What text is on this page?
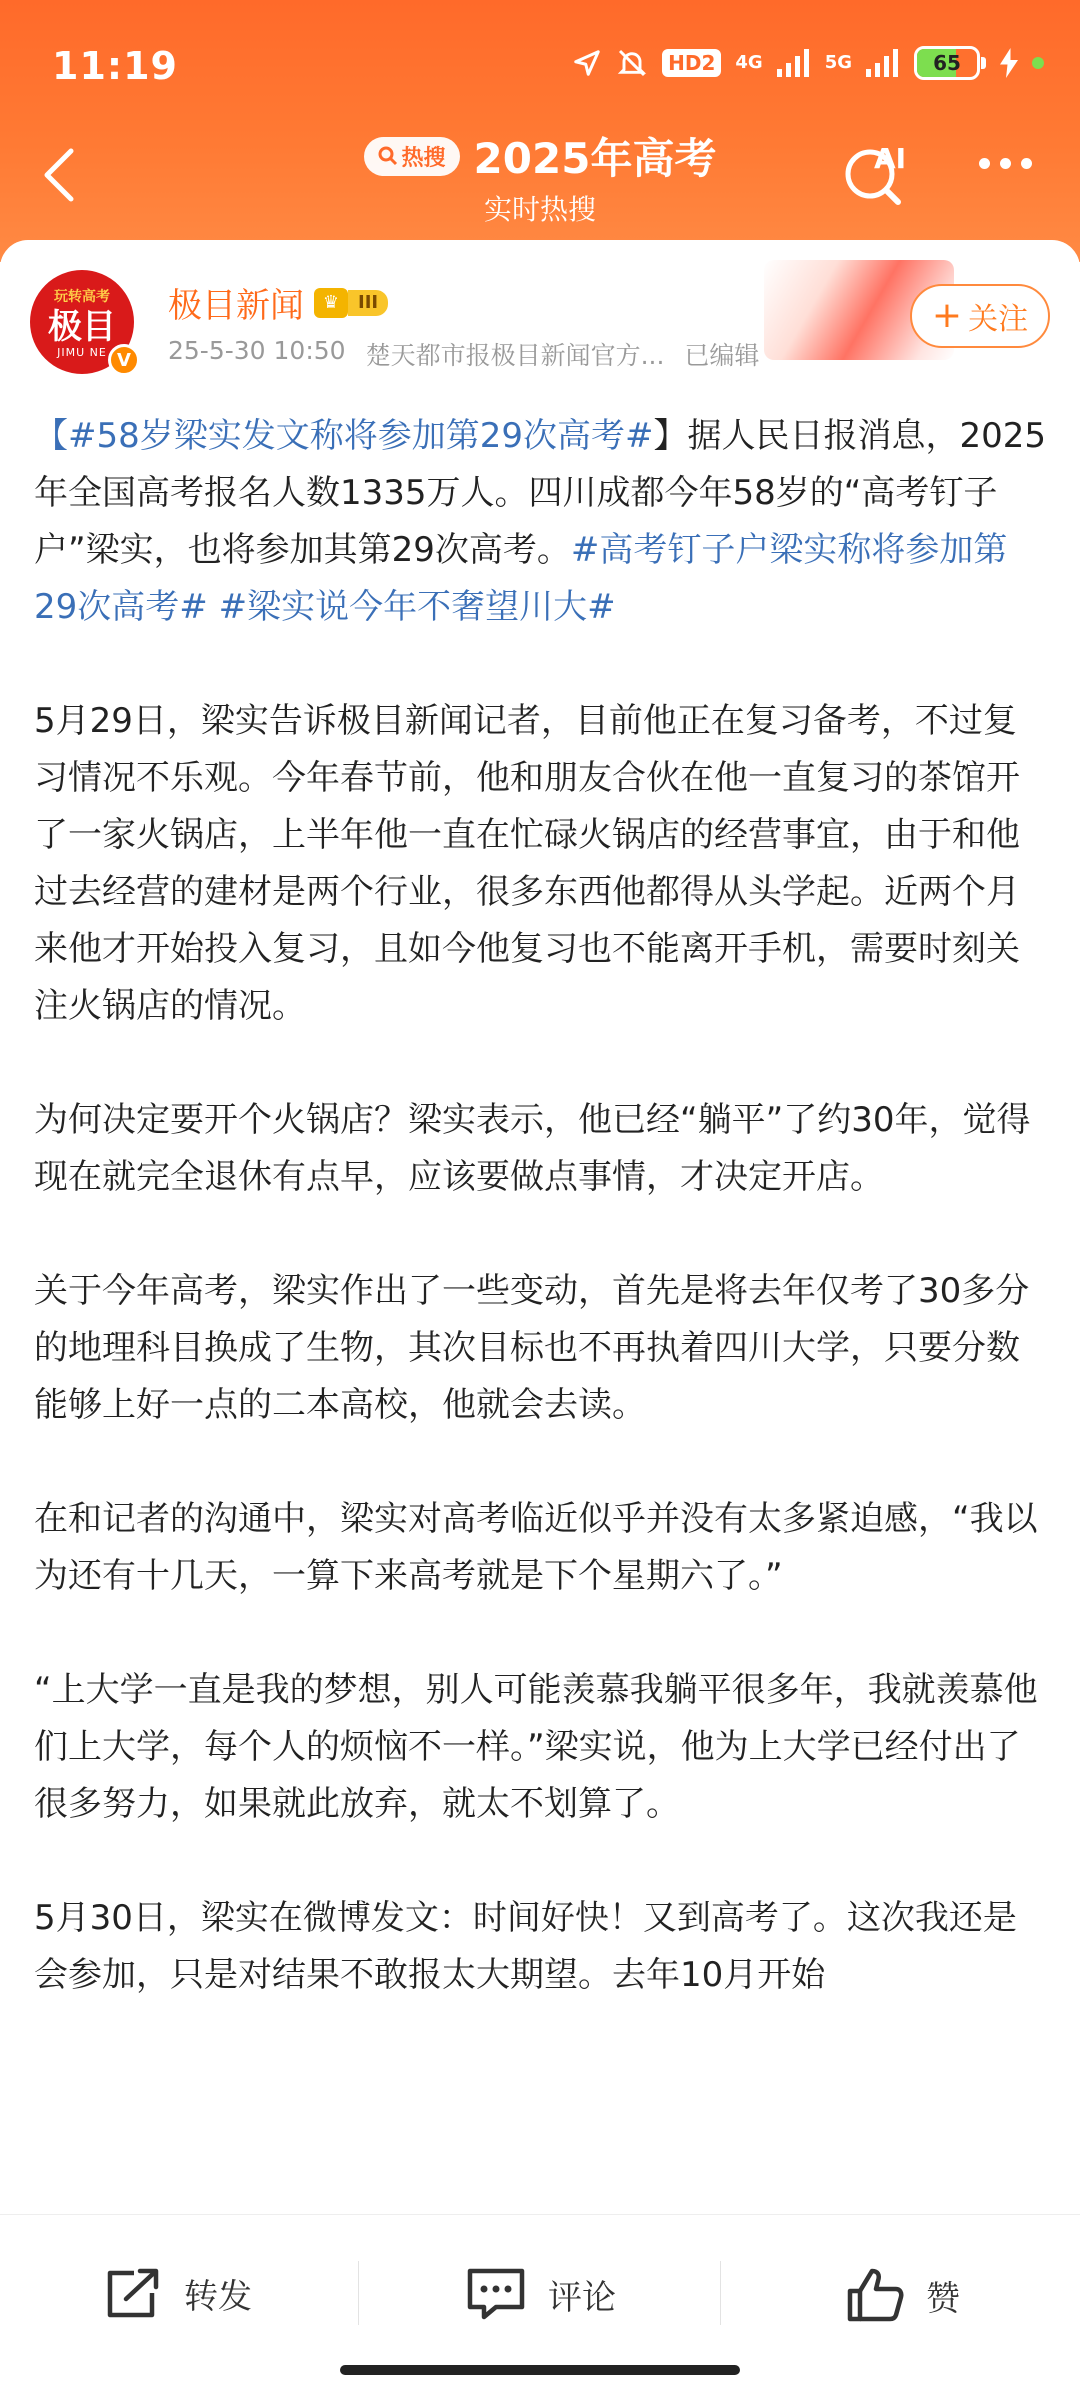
11:19	HD2	4G	5G	65
热搜 2025年高考
实时热搜
AI
玩转高考
极目
JIMU NE V
极目新闻	♛	III
25-5-30 10:50 楚天都市报极目新闻官方... 已编辑
+ 关注

【#58岁梁实发文称将参加第29次高考#】据人民日报消息，2025年全国高考报名人数1335万人。四川成都今年58岁的“高考钉子户”梁实，也将参加其第29次高考。#高考钉子户梁实称将参加第29次高考# #梁实说今年不奢望川大#

5月29日，梁实告诉极目新闻记者，目前他正在复习备考，不过复习情况不乐观。今年春节前，他和朋友合伙在他一直复习的茶馆开了一家火锅店，上半年他一直在忙碌火锅店的经营事宜，由于和他过去经营的建材是两个行业，很多东西他都得从头学起。近两个月来他才开始投入复习，且如今他复习也不能离开手机，需要时刻关注火锅店的情况。

为何决定要开个火锅店？梁实表示，他已经“躺平”了约30年，觉得现在就完全退休有点早，应该要做点事情，才决定开店。

关于今年高考，梁实作出了一些变动，首先是将去年仅考了30多分的地理科目换成了生物，其次目标也不再执着四川大学，只要分数能够上好一点的二本高校，他就会去读。

在和记者的沟通中，梁实对高考临近似乎并没有太多紧迫感，“我以为还有十几天，一算下来高考就是下个星期六了。”

“上大学一直是我的梦想，别人可能羡慕我躺平很多年，我就羡慕他们上大学，每个人的烦恼不一样。”梁实说，他为上大学已经付出了很多努力，如果就此放弃，就太不划算了。

5月30日，梁实在微博发文：时间好快！又到高考了。这次我还是会参加，只是对结果不敢报太大期望。去年10月开始

转发	评论	赞
